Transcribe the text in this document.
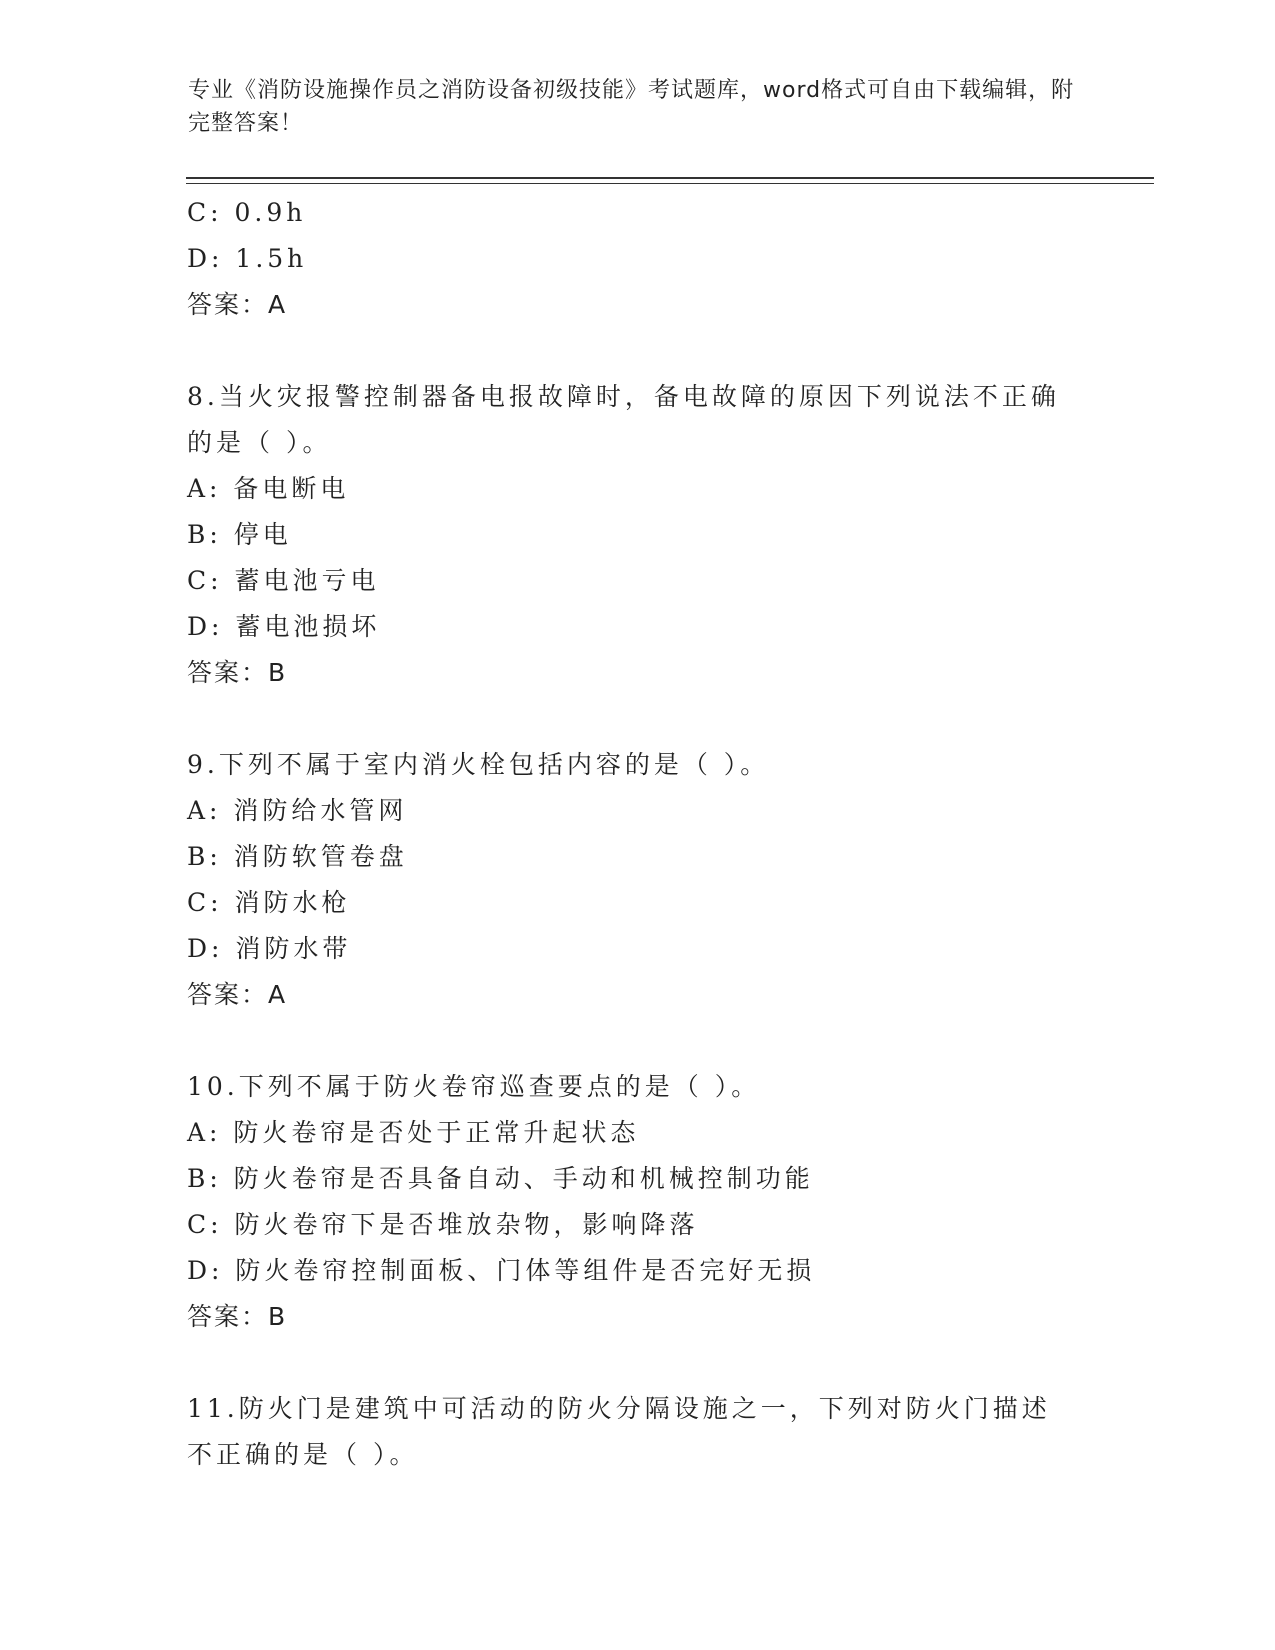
专业《消防设施操作员之消防设备初级技能》考试题库，word格式可自由下载编辑，附完整答案！
C: 0.9h
D: 1.5h
答案：A
8.当火灾报警控制器备电报故障时，备电故障的原因下列说法不正确的是（ ）。
A: 备电断电
B: 停电
C: 蓄电池亏电
D: 蓄电池损坏
答案：B
9.下列不属于室内消火栓包括内容的是（ ）。
A: 消防给水管网
B: 消防软管卷盘
C: 消防水枪
D: 消防水带
答案：A
10.下列不属于防火卷帘巡查要点的是（ ）。
A: 防火卷帘是否处于正常升起状态
B: 防火卷帘是否具备自动、手动和机械控制功能
C: 防火卷帘下是否堆放杂物，影响降落
D: 防火卷帘控制面板、门体等组件是否完好无损
答案：B
11.防火门是建筑中可活动的防火分隔设施之一，下列对防火门描述不正确的是（ ）。
